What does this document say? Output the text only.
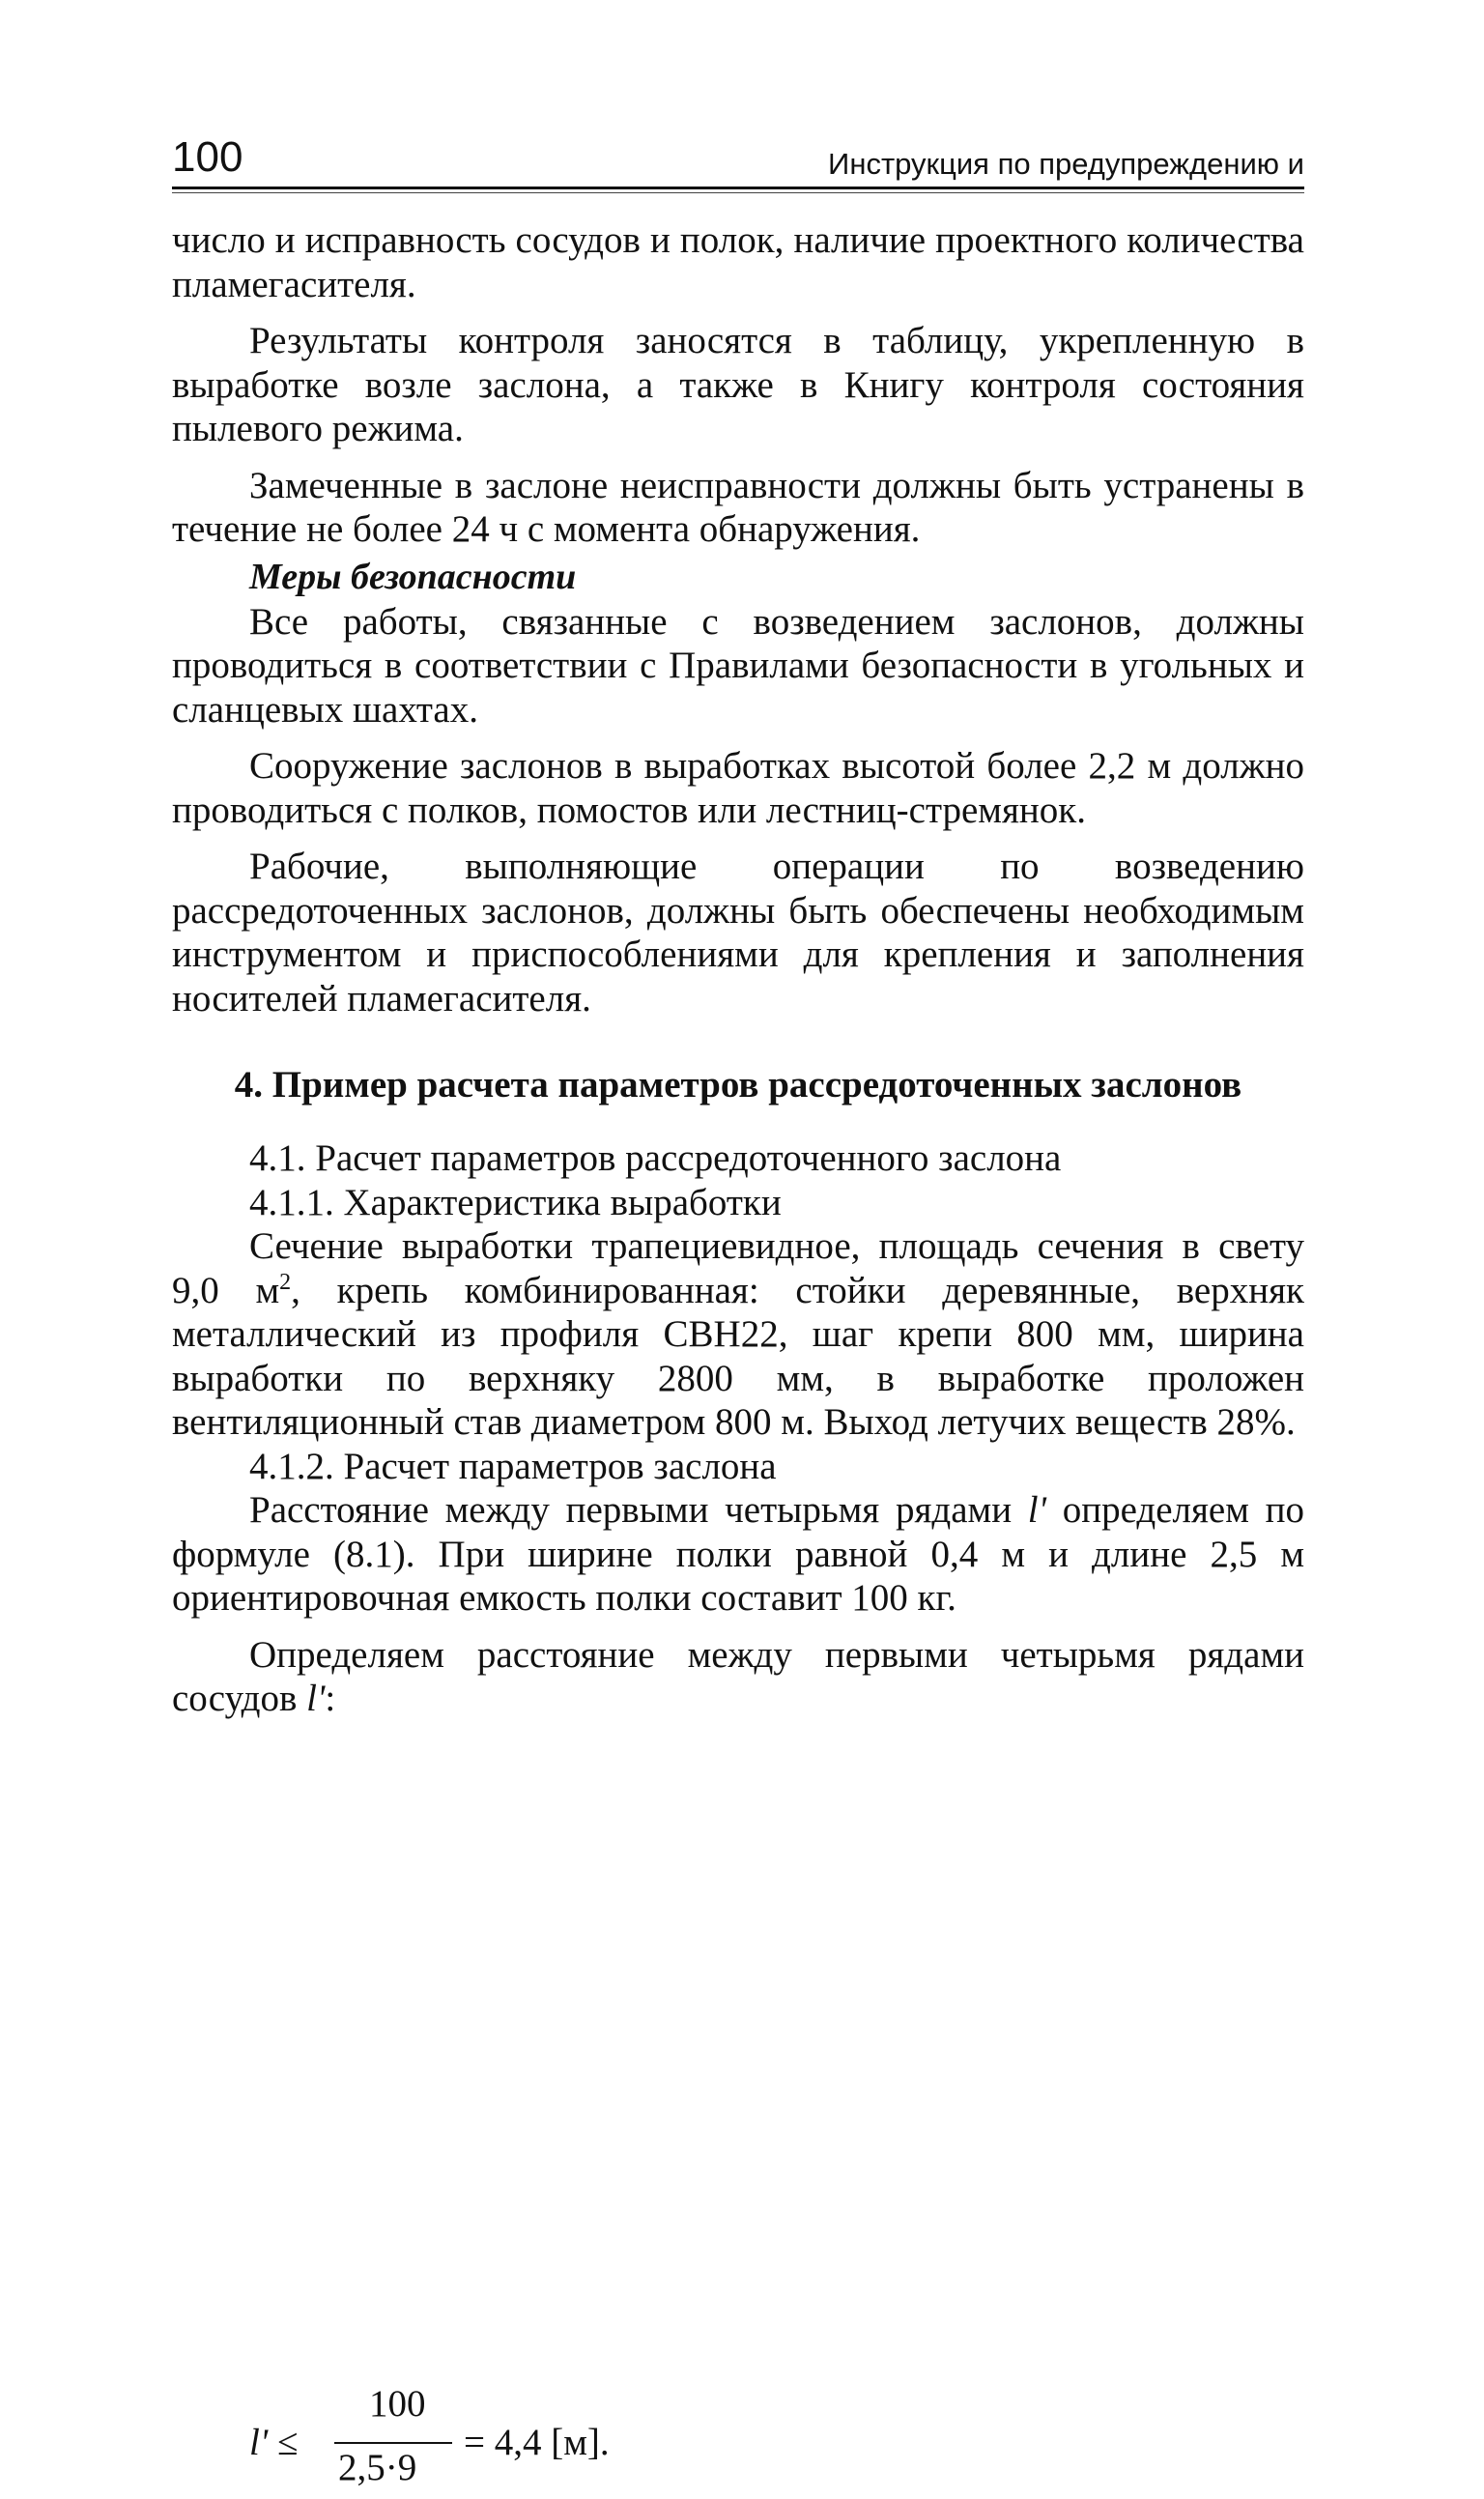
100	Инструкция по предупреждению и

число и исправность сосудов и полок, наличие проектного количества пламегасителя.

Результаты контроля заносятся в таблицу, укрепленную в выработке возле заслона, а также в Книгу контроля состояния пылевого режима.

Замеченные в заслоне неисправности должны быть устранены в течение не более 24 ч с момента обнаружения.

Меры безопасности

Все работы, связанные с возведением заслонов, должны проводиться в соответствии с Правилами безопасности в угольных и сланцевых шахтах.

Сооружение заслонов в выработках высотой более 2,2 м должно проводиться с полков, помостов или лестниц-стремянок.

Рабочие, выполняющие операции по возведению рассредоточенных заслонов, должны быть обеспечены необходимым инструментом и приспособлениями для крепления и заполнения носителей пламегасителя.

4. Пример расчета параметров рассредоточенных заслонов

4.1. Расчет параметров рассредоточенного заслона

4.1.1. Характеристика выработки

Сечение выработки трапециевидное, площадь сечения в свету 9,0 $м^2$, крепь комбинированная: стойки деревянные, верхняк металлический из профиля СВН22, шаг крепи 800 мм, ширина выработки по верхняку 2800 мм, в выработке проложен вентиляционный став диаметром 800 м. Выход летучих веществ 28%.

4.1.2. Расчет параметров заслона

Расстояние между первыми четырьмя рядами l' определяем по формуле (8.1). При ширине полки равной 0,4 м и длине 2,5 м ориентировочная емкость полки составит 100 кг.

Определяем расстояние между первыми четырьмя рядами сосудов l':

l' ≤
100
2,5·9
= 4,4 [м].
